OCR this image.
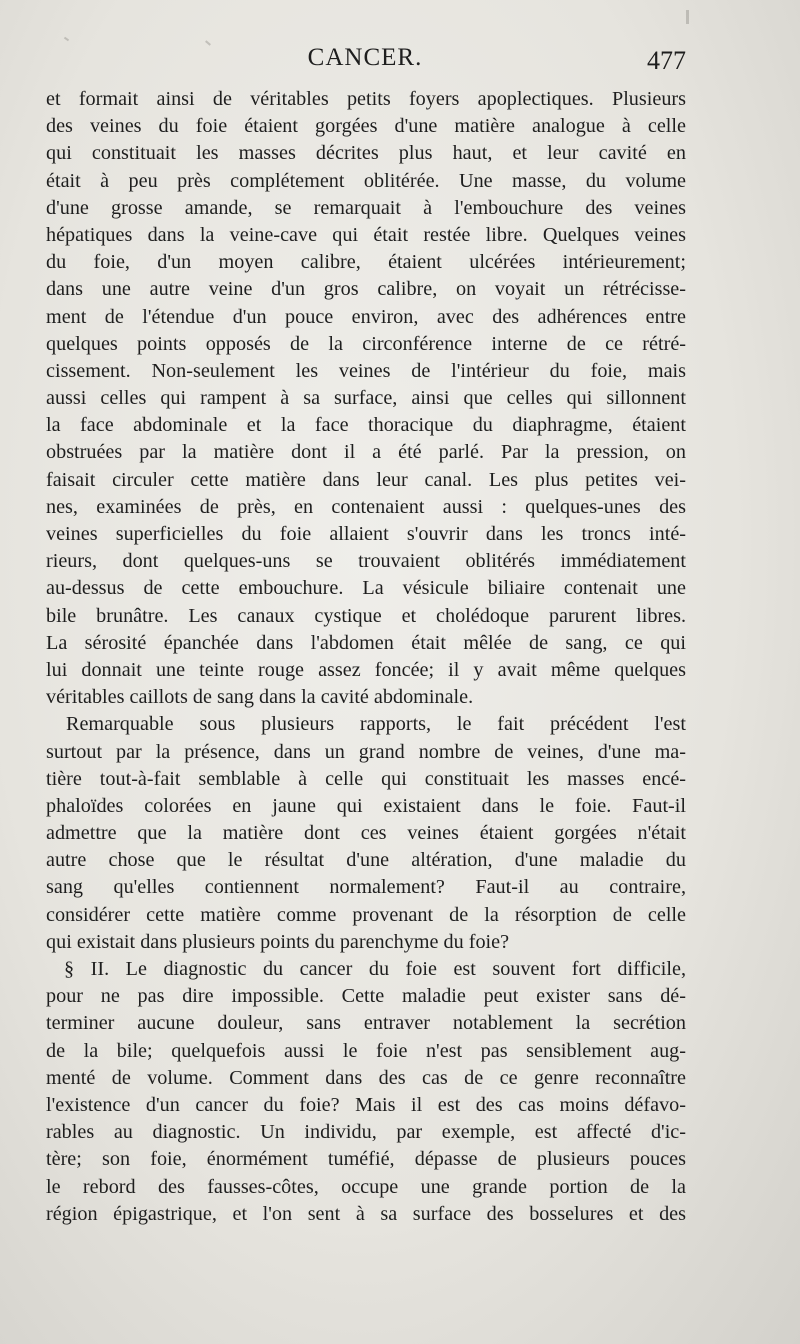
CANCER.	477
et formait ainsi de véritables petits foyers apoplectiques. Plusieurs
des veines du foie étaient gorgées d'une matière analogue à celle
qui constituait les masses décrites plus haut, et leur cavité en
était à peu près complétement oblitérée. Une masse, du volume
d'une grosse amande, se remarquait à l'embouchure des veines
hépatiques dans la veine-cave qui était restée libre. Quelques veines
du foie, d'un moyen calibre, étaient ulcérées intérieurement;
dans une autre veine d'un gros calibre, on voyait un rétrécisse-
ment de l'étendue d'un pouce environ, avec des adhérences entre
quelques points opposés de la circonférence interne de ce rétré-
cissement. Non-seulement les veines de l'intérieur du foie, mais
aussi celles qui rampent à sa surface, ainsi que celles qui sillonnent
la face abdominale et la face thoracique du diaphragme, étaient
obstruées par la matière dont il a été parlé. Par la pression, on
faisait circuler cette matière dans leur canal. Les plus petites vei-
nes, examinées de près, en contenaient aussi : quelques-unes des
veines superficielles du foie allaient s'ouvrir dans les troncs inté-
rieurs, dont quelques-uns se trouvaient oblitérés immédiatement
au-dessus de cette embouchure. La vésicule biliaire contenait une
bile brunâtre. Les canaux cystique et cholédoque parurent libres.
La sérosité épanchée dans l'abdomen était mêlée de sang, ce qui
lui donnait une teinte rouge assez foncée; il y avait même quelques
véritables caillots de sang dans la cavité abdominale.
Remarquable sous plusieurs rapports, le fait précédent l'est
surtout par la présence, dans un grand nombre de veines, d'une ma-
tière tout-à-fait semblable à celle qui constituait les masses encé-
phaloïdes colorées en jaune qui existaient dans le foie. Faut-il
admettre que la matière dont ces veines étaient gorgées n'était
autre chose que le résultat d'une altération, d'une maladie du
sang qu'elles contiennent normalement? Faut-il au contraire,
considérer cette matière comme provenant de la résorption de celle
qui existait dans plusieurs points du parenchyme du foie?
§ II. Le diagnostic du cancer du foie est souvent fort difficile,
pour ne pas dire impossible. Cette maladie peut exister sans dé-
terminer aucune douleur, sans entraver notablement la secrétion
de la bile; quelquefois aussi le foie n'est pas sensiblement aug-
menté de volume. Comment dans des cas de ce genre reconnaître
l'existence d'un cancer du foie? Mais il est des cas moins défavo-
rables au diagnostic. Un individu, par exemple, est affecté d'ic-
tère; son foie, énormément tuméfié, dépasse de plusieurs pouces
le rebord des fausses-côtes, occupe une grande portion de la
région épigastrique, et l'on sent à sa surface des bosselures et des
